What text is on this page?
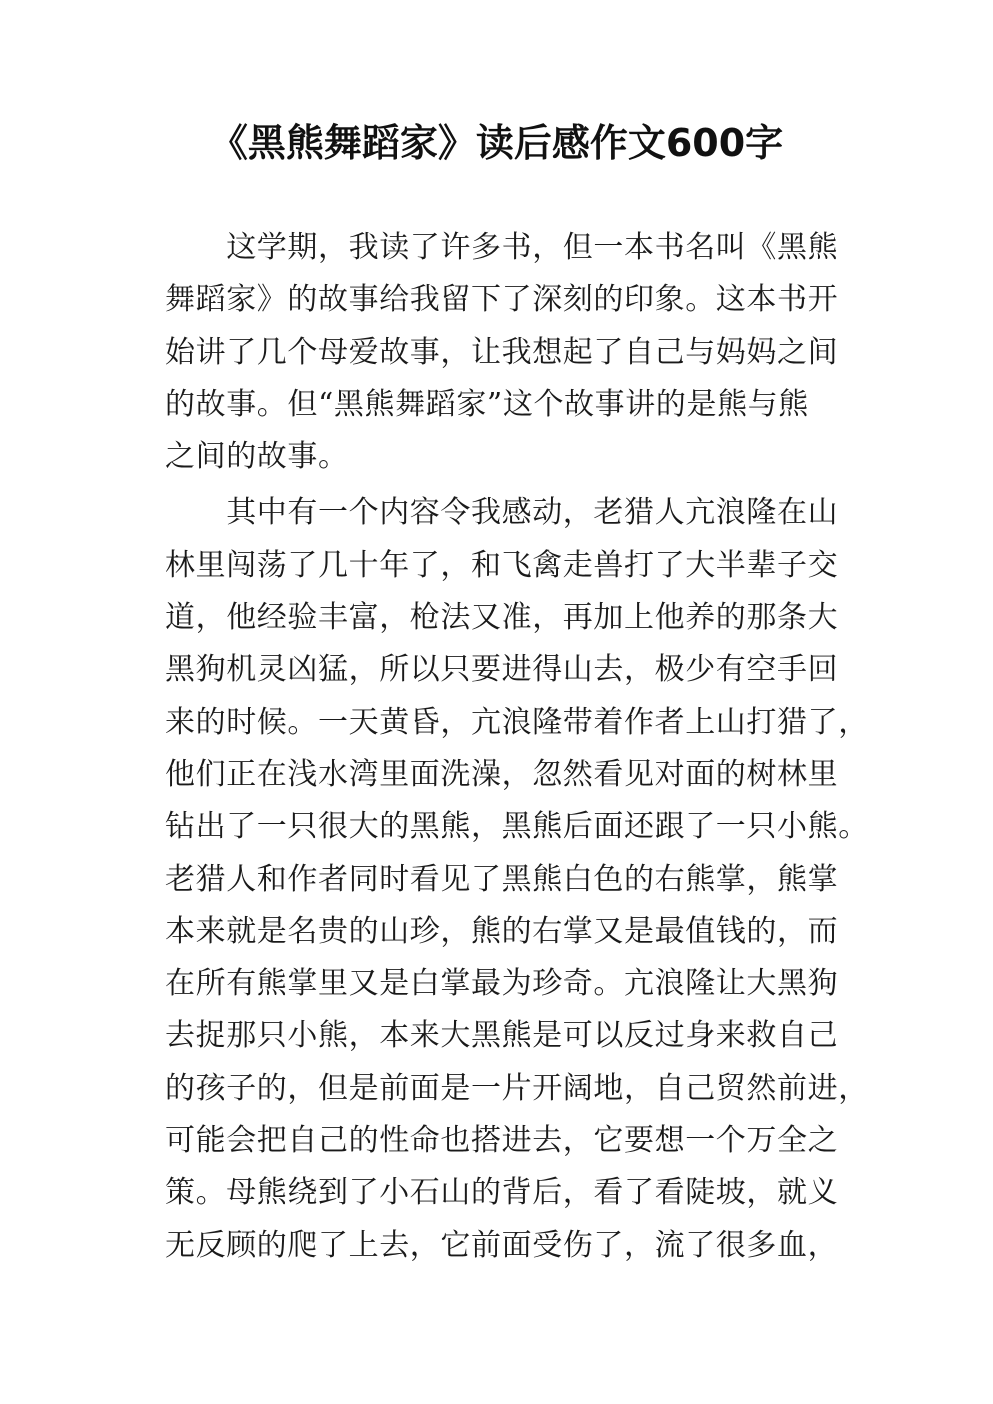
《黑熊舞蹈家》读后感作文600字
　　这学期，我读了许多书，但一本书名叫《黑熊
舞蹈家》的故事给我留下了深刻的印象。这本书开
始讲了几个母爱故事，让我想起了自己与妈妈之间
的故事。但“黑熊舞蹈家”这个故事讲的是熊与熊
之间的故事。
　　其中有一个内容令我感动，老猎人亢浪隆在山
林里闯荡了几十年了，和飞禽走兽打了大半辈子交
道，他经验丰富，枪法又准，再加上他养的那条大
黑狗机灵凶猛，所以只要进得山去，极少有空手回
来的时候。一天黄昏，亢浪隆带着作者上山打猎了，
他们正在浅水湾里面洗澡，忽然看见对面的树林里
钻出了一只很大的黑熊，黑熊后面还跟了一只小熊。
老猎人和作者同时看见了黑熊白色的右熊掌，熊掌
本来就是名贵的山珍，熊的右掌又是最值钱的，而
在所有熊掌里又是白掌最为珍奇。亢浪隆让大黑狗
去捉那只小熊，本来大黑熊是可以反过身来救自己
的孩子的，但是前面是一片开阔地，自己贸然前进，
可能会把自己的性命也搭进去，它要想一个万全之
策。母熊绕到了小石山的背后，看了看陡坡，就义
无反顾的爬了上去，它前面受伤了，流了很多血，
